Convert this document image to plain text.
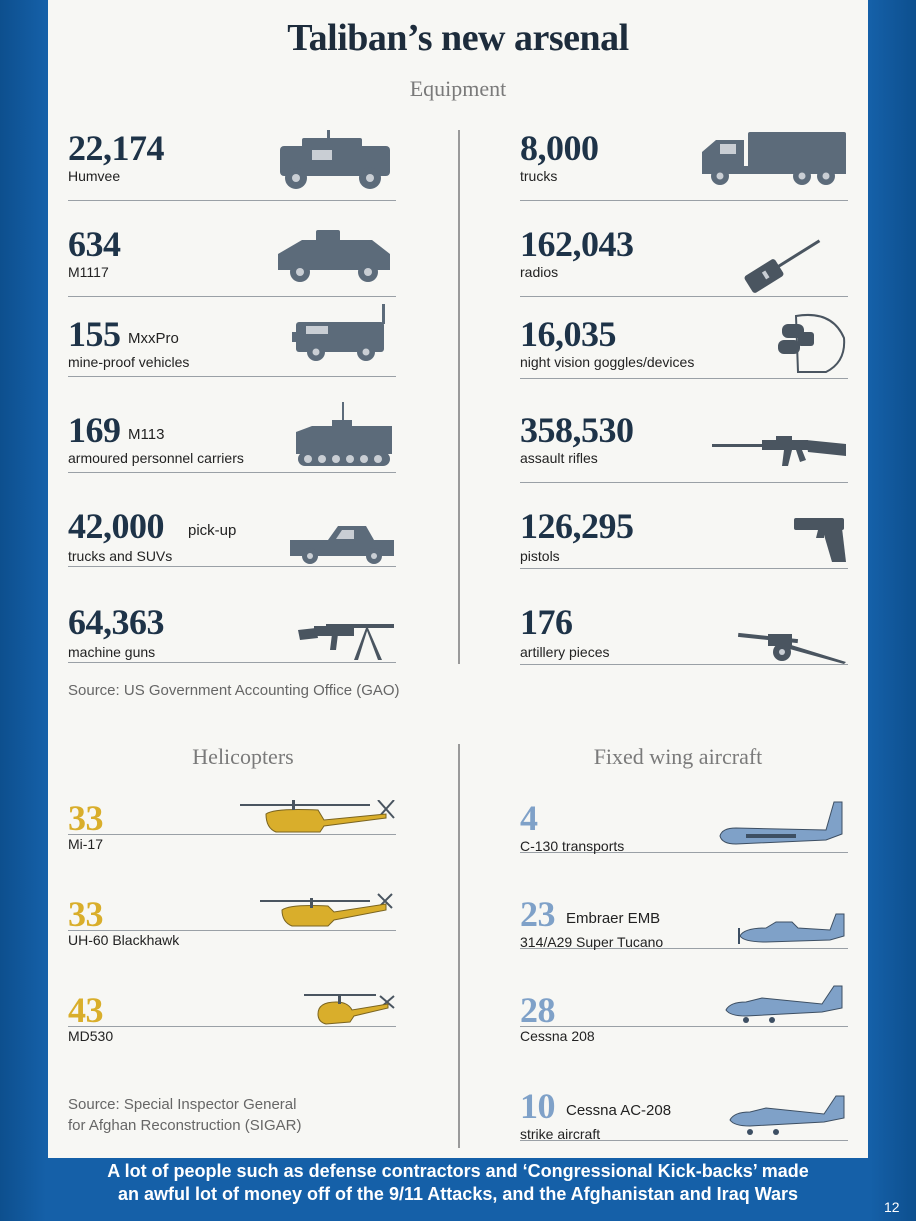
Taliban’s new arsenal
Equipment
22,174
Humvee
634
M1117
155 MxxPro
mine-proof vehicles
169 M113
armoured personnel carriers
42,000 pick-up
trucks and SUVs
64,363
machine guns
8,000
trucks
162,043
radios
16,035
night vision goggles/devices
358,530
assault rifles
126,295
pistols
176
artillery pieces
Source: US Government Accounting Office (GAO)
Helicopters
33
Mi-17
33
UH-60 Blackhawk
43
MD530
Source: Special Inspector General
for Afghan Reconstruction (SIGAR)
Fixed wing aircraft
4
C-130 transports
23 Embraer EMB
314/A29 Super Tucano
28
Cessna 208
10 Cessna AC-208
strike aircraft
A lot of people such as defense contractors and ‘Congressional Kick-backs’ made
an awful lot of money off of the 9/11 Attacks, and the Afghanistan and Iraq Wars
12
